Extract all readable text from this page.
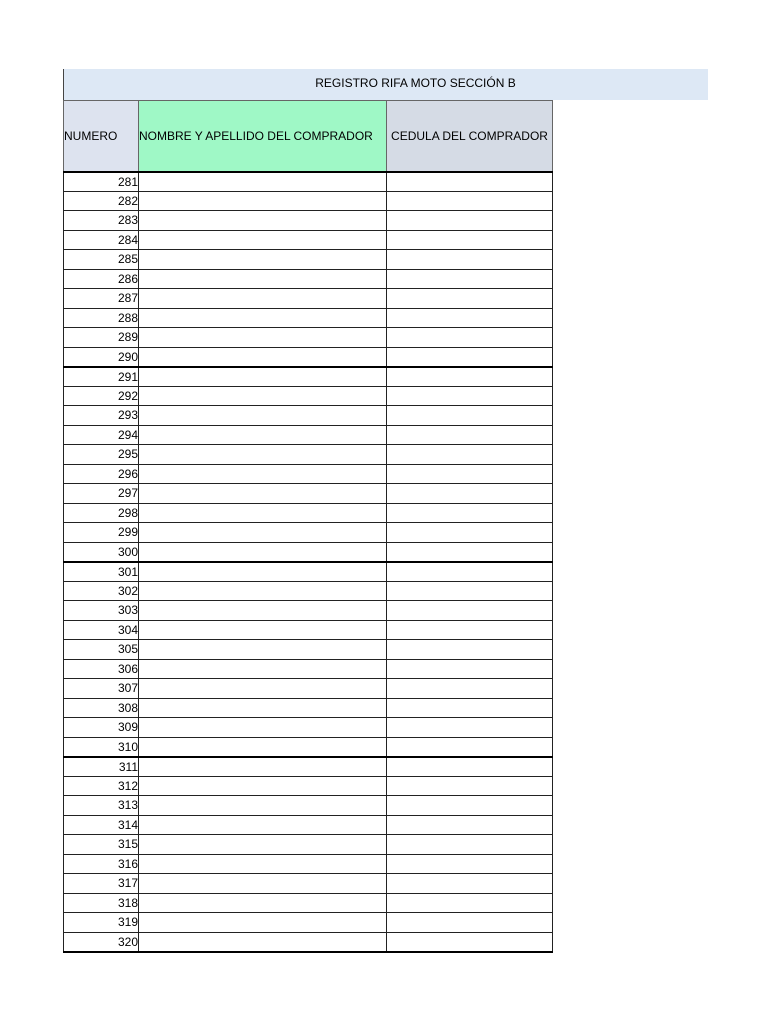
REGISTRO RIFA MOTO SECCIÓN B
NUMERO	NOMBRE Y APELLIDO DEL COMPRADOR	CEDULA DEL COMPRADOR
281		
282		
283		
284		
285		
286		
287		
288		
289		
290		
291		
292		
293		
294		
295		
296		
297		
298		
299		
300		
301		
302		
303		
304		
305		
306		
307		
308		
309		
310		
311		
312		
313		
314		
315		
316		
317		
318		
319		
320		
